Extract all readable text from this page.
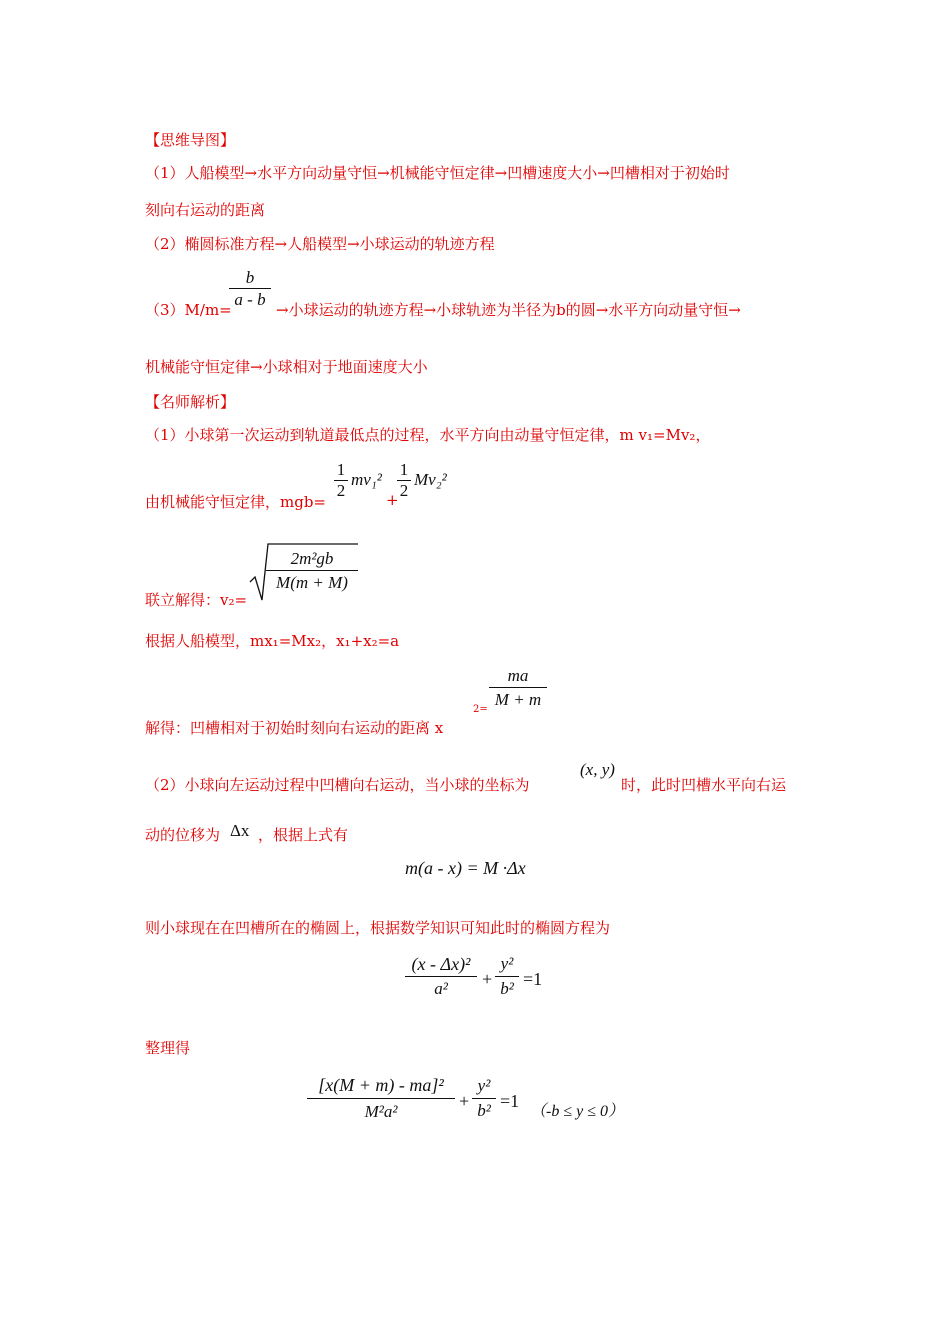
【思维导图】
（1）人船模型→水平方向动量守恒→机械能守恒定律→凹槽速度大小→凹槽相对于初始时
刻向右运动的距离
（2）椭圆标准方程→人船模型→小球运动的轨迹方程
（3）M/m=
b
a - b
→小球运动的轨迹方程→小球轨迹为半径为b的圆→水平方向动量守恒→
机械能守恒定律→小球相对于地面速度大小
【名师解析】
（1）小球第一次运动到轨道最低点的过程，水平方向由动量守恒定律，m v₁=Mv₂，
由机械能守恒定律，mgb=
1
2
mv₁²
+
1
2
Mv₂²
联立解得：v₂=
2m²gb
M(m + M)
根据人船模型，mx₁=Mx₂，x₁+x₂=a
2=
ma
M + m
解得：凹槽相对于初始时刻向右运动的距离 x
（2）小球向左运动过程中凹槽向右运动，当小球的坐标为
(x, y)
时，此时凹槽水平向右运
动的位移为 Δx ，根据上式有
m(a - x) = M ·Δx
则小球现在在凹槽所在的椭圆上，根据数学知识可知此时的椭圆方程为
(x - Δx)²
a²	+
y²
b² =1
整理得
[x(M + m) - ma]²
M²a²
+
y²
b² =1
（-b ≤ y ≤ 0）
